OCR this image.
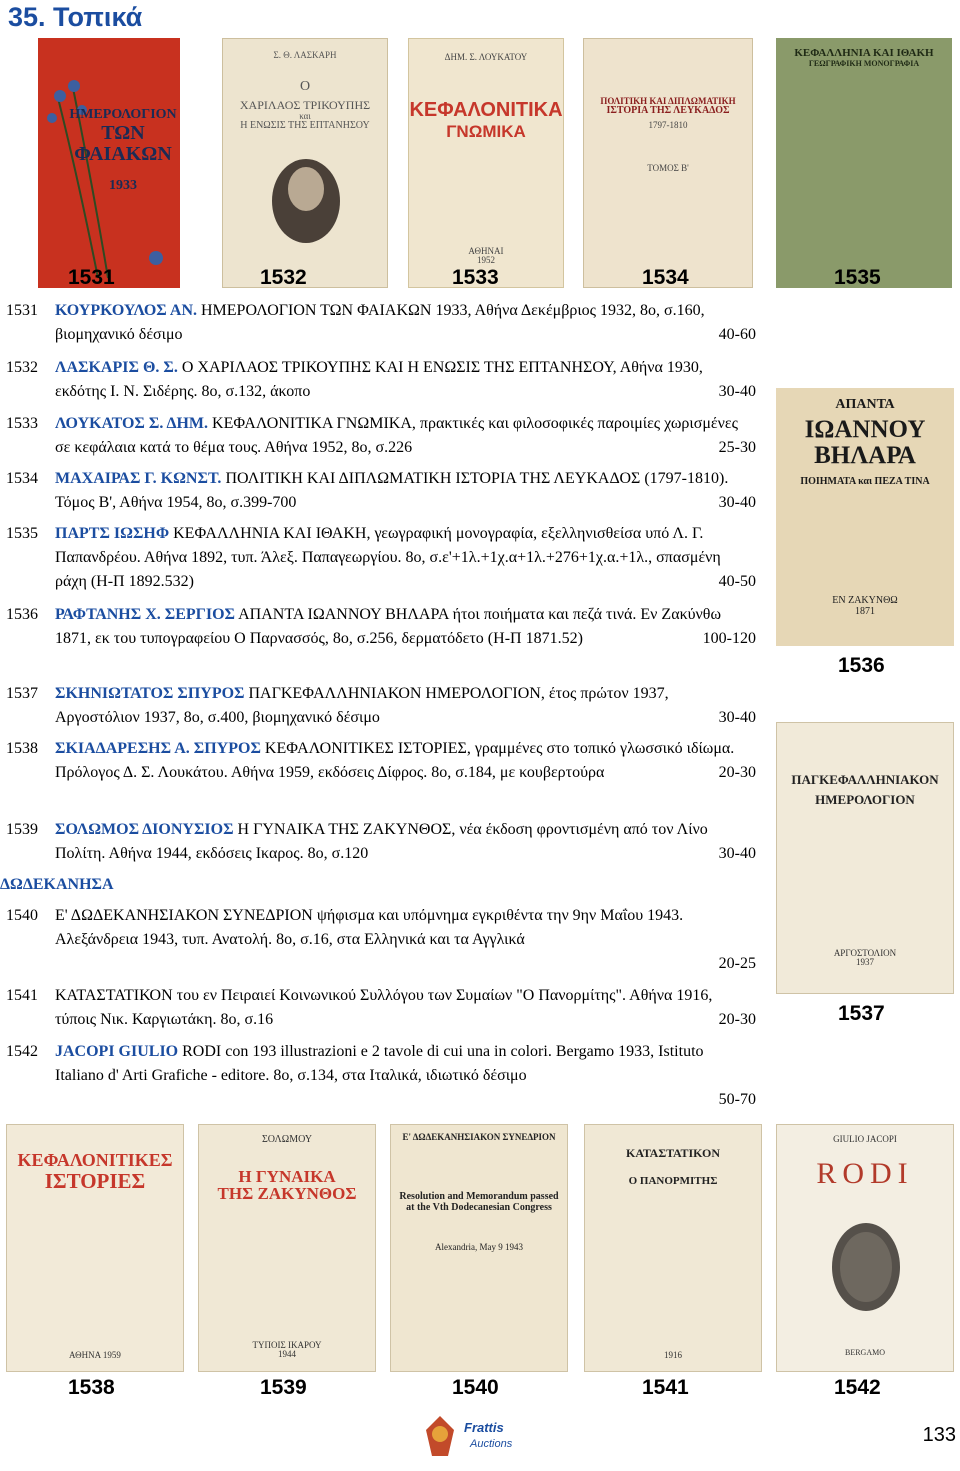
35. Τοπικά
ΗΜΕΡΟΛΟΓΙΟΝ
ΤΩΝ ΦΑΙΑΚΩΝ
1933
Σ. Θ. ΛΑΣΚΑΡΗ
Ο
ΧΑΡΙΛΑΟΣ ΤΡΙΚΟΥΠΗΣ
και
Η ΕΝΩΣΙΣ ΤΗΣ ΕΠΤΑΝΗΣΟΥ
ΔΗΜ. Σ. ΛΟΥΚΑΤΟΥ
ΚΕΦΑΛΟΝΙΤΙΚΑ
ΓΝΩΜΙΚΑ
ΑΘΗΝΑΙ
1952
ΠΟΛΙΤΙΚΗ ΚΑΙ ΔΙΠΛΩΜΑΤΙΚΗ
ΙΣΤΟΡΙΑ ΤΗΣ ΛΕΥΚΑΔΟΣ
1797-1810
ΤΟΜΟΣ Β'
ΚΕΦΑΛΛΗΝΙΑ ΚΑΙ ΙΘΑΚΗ
ΓΕΩΓΡΑΦΙΚΗ ΜΟΝΟΓΡΑΦΙΑ
1531	1532	1533	1534	1535
ΑΠΑΝΤΑ
ΙΩΑΝΝΟΥ ΒΗΛΑΡΑ
ΠΟΙΗΜΑΤΑ και ΠΕΖΑ ΤΙΝΑ
ΕΝ ΖΑΚΥΝΘΩ
1871
1536
ΠΑΓΚΕΦΑΛΛΗΝΙΑΚΟΝ
ΗΜΕΡΟΛΟΓΙΟΝ
ΑΡΓΟΣΤΟΛΙΟΝ
1937
1537
1531 ΚΟΥΡΚΟΥΛΟΣ ΑΝ. ΗΜΕΡΟΛΟΓΙΟΝ ΤΩΝ ΦΑΙΑΚΩΝ 1933, Αθήνα Δεκέμβριος 1932, 8ο, σ.160, βιομηχανικό δέσιμο	40-60
1532 ΛΑΣΚΑΡΙΣ Θ. Σ. Ο ΧΑΡΙΛΑΟΣ ΤΡΙΚΟΥΠΗΣ ΚΑΙ Η ΕΝΩΣΙΣ ΤΗΣ ΕΠΤΑΝΗΣΟΥ, Αθήνα 1930, εκδότης Ι. Ν. Σιδέρης. 8ο, σ.132, άκοπο	30-40
1533 ΛΟΥΚΑΤΟΣ Σ. ΔΗΜ. ΚΕΦΑΛΟΝΙΤΙΚΑ ΓΝΩΜΙΚΑ, πρακτικές και φιλοσοφικές παροιμίες χωρισμένες σε κεφάλαια κατά το θέμα τους. Αθήνα 1952, 8ο, σ.226	25-30
1534 ΜΑΧΑΙΡΑΣ Γ. ΚΩΝΣΤ. ΠΟΛΙΤΙΚΗ ΚΑΙ ΔΙΠΛΩΜΑΤΙΚΗ ΙΣΤΟΡΙΑ ΤΗΣ ΛΕΥΚΑΔΟΣ (1797-1810). Τόμος Β', Αθήνα 1954, 8ο, σ.399-700	30-40
1535 ΠΑΡΤΣ ΙΩΣΗΦ ΚΕΦΑΛΛΗΝΙΑ ΚΑΙ ΙΘΑΚΗ, γεωγραφική μονογραφία, εξελληνισθείσα υπό Λ. Γ. Παπανδρέου. Αθήνα 1892, τυπ. Άλεξ. Παπαγεωργίου. 8ο, σ.ε'+1λ.+1χ.α+1λ.+276+1χ.α.+1λ., σπασμένη ράχη (Η-Π 1892.532)	40-50
1536 ΡΑΦΤΑΝΗΣ Χ. ΣΕΡΓΙΟΣ ΑΠΑΝΤΑ ΙΩΑΝΝΟΥ ΒΗΛΑΡΑ ήτοι ποιήματα και πεζά τινά. Εν Ζακύνθω 1871, εκ του τυπογραφείου Ο Παρνασσός, 8ο, σ.256, δερματόδετο (Η-Π 1871.52)	100-120
1537 ΣΚΗΝΙΩΤΑΤΟΣ ΣΠΥΡΟΣ ΠΑΓΚΕΦΑΛΛΗΝΙΑΚΟΝ ΗΜΕΡΟΛΟΓΙΟΝ, έτος πρώτον 1937, Αργοστόλιον 1937, 8ο, σ.400, βιομηχανικό δέσιμο	30-40
1538 ΣΚΙΑΔΑΡΕΣΗΣ Α. ΣΠΥΡΟΣ ΚΕΦΑΛΟΝΙΤΙΚΕΣ ΙΣΤΟΡΙΕΣ, γραμμένες στο τοπικό γλωσσικό ιδίωμα. Πρόλογος Δ. Σ. Λουκάτου. Αθήνα 1959, εκδόσεις Δίφρος. 8ο, σ.184, με κουβερτούρα	20-30
1539 ΣΟΛΩΜΟΣ ΔΙΟΝΥΣΙΟΣ Η ΓΥΝΑΙΚΑ ΤΗΣ ΖΑΚΥΝΘΟΣ, νέα έκδοση φροντισμένη από τον Λίνο Πολίτη. Αθήνα 1944, εκδόσεις Ικαρος. 8ο, σ.120	30-40
ΔΩΔΕΚΑΝΗΣΑ
1540 Ε' ΔΩΔΕΚΑΝΗΣΙΑΚΟΝ ΣΥΝΕΔΡΙΟΝ ψήφισμα και υπόμνημα εγκριθέντα την 9ην Μαΐου 1943. Αλεξάνδρεια 1943, τυπ. Ανατολή. 8ο, σ.16, στα Ελληνικά και τα Αγγλικά
20-25
1541 ΚΑΤΑΣΤΑΤΙΚΟΝ του εν Πειραιεί Κοινωνικού Συλλόγου των Συμαίων "Ο Πανορμίτης". Αθήνα 1916, τύποις Νικ. Καργιωτάκη. 8ο, σ.16	20-30
1542 JACOPI GIULIO RODI con 193 illustrazioni e 2 tavole di cui una in colori. Bergamo 1933, Istituto Italiano d' Arti Grafiche - editore. 8ο, σ.134, στα Ιταλικά, ιδιωτικό δέσιμο
50-70
ΚΕΦΑΛΟΝΙΤΙΚΕΣ
ΙΣΤΟΡΙΕΣ
ΑΘΗΝΑ 1959
ΣΟΛΩΜΟΥ
Η ΓΥΝΑΙΚΑ
ΤΗΣ ΖΑΚΥΝΘΟΣ
ΤΥΠΟΙΣ ΙΚΑΡΟΥ
1944
Ε' ΔΩΔΕΚΑΝΗΣΙΑΚΟΝ ΣΥΝΕΔΡΙΟΝ
Resolution and Memorandum passed
at the Vth Dodecanesian Congress
Alexandria, May 9 1943
ΚΑΤΑΣΤΑΤΙΚΟΝ
Ο ΠΑΝΟΡΜΙΤΗΣ
1916
GIULIO JACOPI
RODI
BERGAMO
1538	1539	1540	1541	1542
Frattis
Auctions	133
